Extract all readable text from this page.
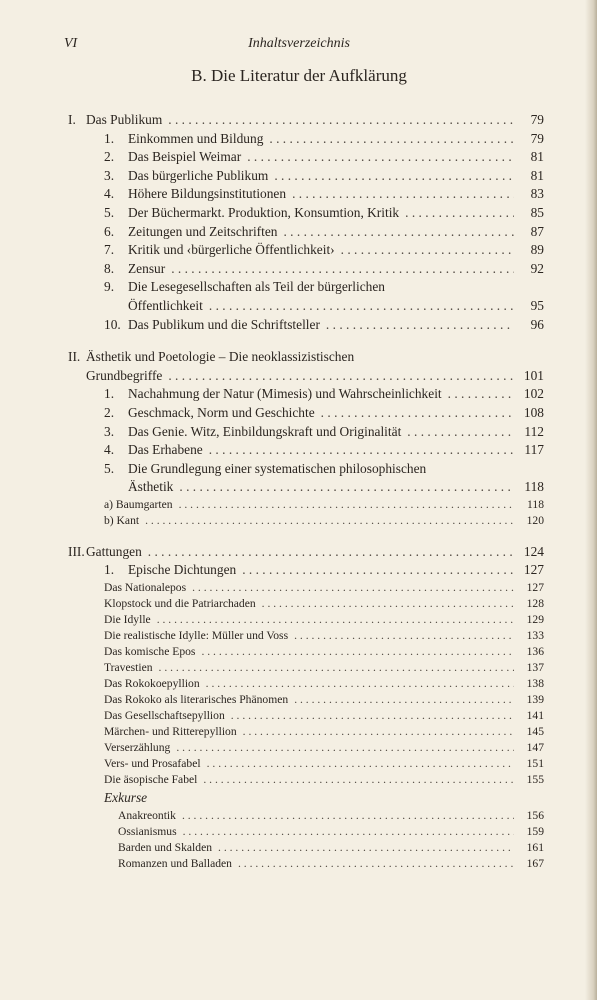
VI	Inhaltsverzeichnis
B. Die Literatur der Aufklärung
I. Das Publikum . . .	79
1.	Einkommen und Bildung . . .	79
2.	Das Beispiel Weimar . . .	81
3.	Das bürgerliche Publikum . . .	81
4.	Höhere Bildungsinstitutionen . . .	83
5.	Der Büchermarkt. Produktion, Konsumtion, Kritik . . .	85
6.	Zeitungen und Zeitschriften . . .	87
7.	Kritik und ‹bürgerliche Öffentlichkeit› . . .	89
8.	Zensur . . .	92
9.	Die Lesegesellschaften als Teil der bürgerlichen
Öffentlichkeit . . .	95
10. Das Publikum und die Schriftsteller . . .	96
II. Ästhetik und Poetologie – Die neoklassizistischen
Grundbegriffe . . .	101
1.	Nachahmung der Natur (Mimesis) und Wahrscheinlichkeit . . .	102
2.	Geschmack, Norm und Geschichte . . .	108
3.	Das Genie. Witz, Einbildungskraft und Originalität . . .	112
4.	Das Erhabene . . .	117
5.	Die Grundlegung einer systematischen philosophischen
Ästhetik . . .	118
a) Baumgarten . . .	118
b) Kant . . .	120
III. Gattungen . . .	124
1.	Epische Dichtungen . . .	127
Das Nationalepos . . .	127
Klopstock und die Patriarchaden . . .	128
Die Idylle . . .	129
Die realistische Idylle: Müller und Voss . . .	133
Das komische Epos . . .	136
Travestien . . .	137
Das Rokokoepyllion . . .	138
Das Rokoko als literarisches Phänomen . . .	139
Das Gesellschaftsepyllion . . .	141
Märchen- und Ritterepyllion . . .	145
Verserzählung . . .	147
Vers- und Prosafabel . . .	151
Die äsopische Fabel . . .	155
Exkurse
Anakreontik . . .	156
Ossianismus . . .	159
Barden und Skalden . . .	161
Romanzen und Balladen . . .	167
